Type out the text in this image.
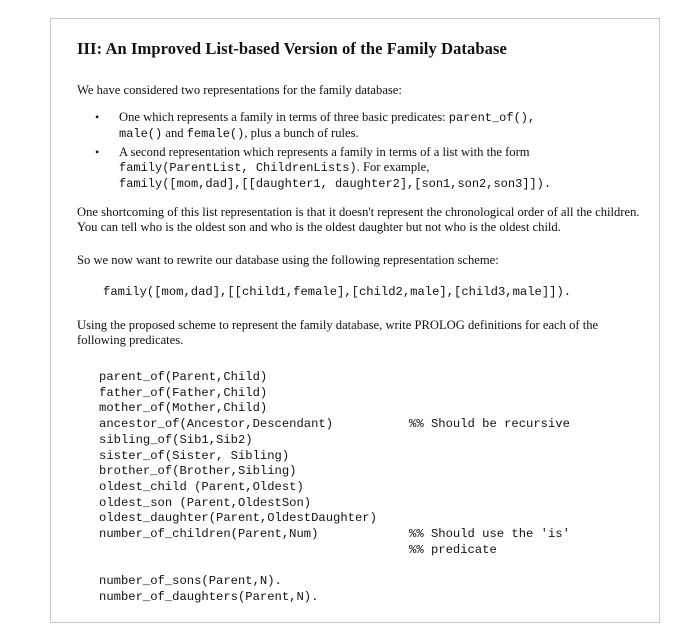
III: An Improved List-based Version of the Family Database

We have considered two representations for the family database:

• One which represents a family in terms of three basic predicates: parent_of(),
male() and female(), plus a bunch of rules.
• A second representation which represents a family in terms of a list with the form
family(ParentList, ChildrenLists). For example,
family([mom,dad],[[daughter1, daughter2],[son1,son2,son3]]).

One shortcoming of this list representation is that it doesn't represent the chronological order of all the children. You can tell who is the oldest son and who is the oldest daughter but not who is the oldest child.

So we now want to rewrite our database using the following representation scheme:

family([mom,dad],[[child1,female],[child2,male],[child3,male]]).

Using the proposed scheme to represent the family database, write PROLOG definitions for each of the following predicates.

parent_of(Parent,Child)
father_of(Father,Child)
mother_of(Mother,Child)
ancestor_of(Ancestor,Descendant)	%% Should be recursive
sibling_of(Sib1,Sib2)
sister_of(Sister, Sibling)
brother_of(Brother,Sibling)
oldest_child (Parent,Oldest)
oldest_son (Parent,OldestSon)
oldest_daughter(Parent,OldestDaughter)
number_of_children(Parent,Num)	%% Should use the 'is'
%% predicate
number_of_sons(Parent,N).
number_of_daughters(Parent,N).
